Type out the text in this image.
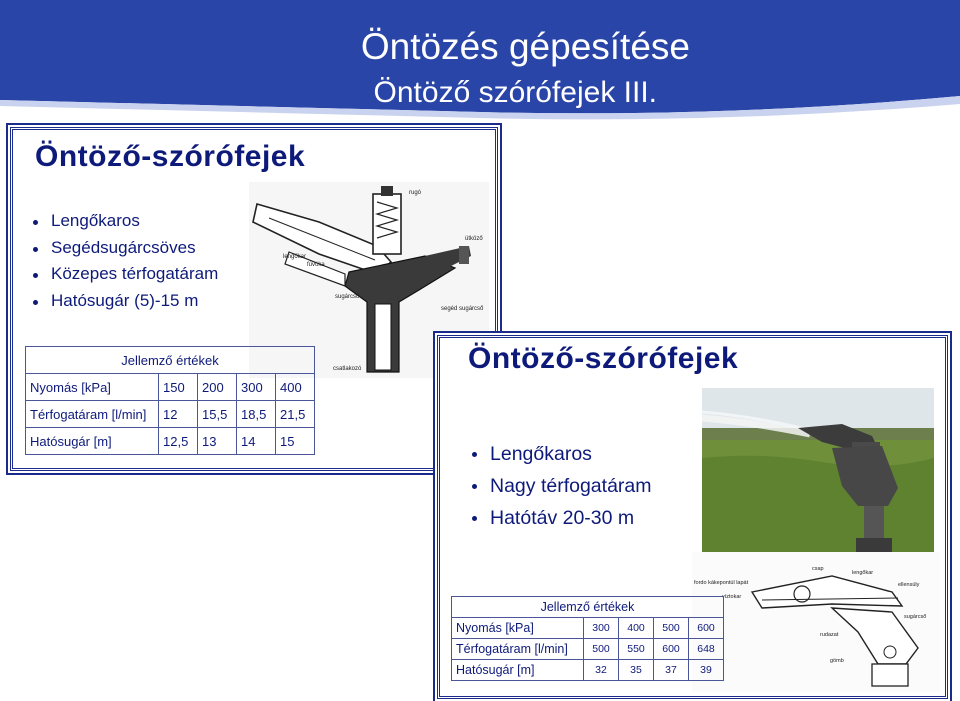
Öntözés gépesítése
Öntöző szórófejek III.
Öntöző-szórófejek
Lengőkaros
Segédsugárcsöves
Közepes térfogatáram
Hatósugár (5)-15 m
rugó
ütköző
lengőkar
fúvóka
sugárcső
segéd sugárcső
csatlakozó
Jellemző értékek				
Nyomás [kPa]	150	200	300	400
Térfogatáram [l/min]	12	15,5	18,5	21,5
Hatósugár [m]	12,5	13	14	15
Öntöző-szórófejek
Lengőkaros
Nagy térfogatáram
Hatótáv 20-30 m
csap
lengőkar
ellensúly
fordo kákepontúl lapát
víztokar
sugárcső
rudazat
gömb
Jellemző értékek				
Nyomás [kPa]	300	400	500	600
Térfogatáram [l/min]	500	550	600	648
Hatósugár [m]	32	35	37	39
